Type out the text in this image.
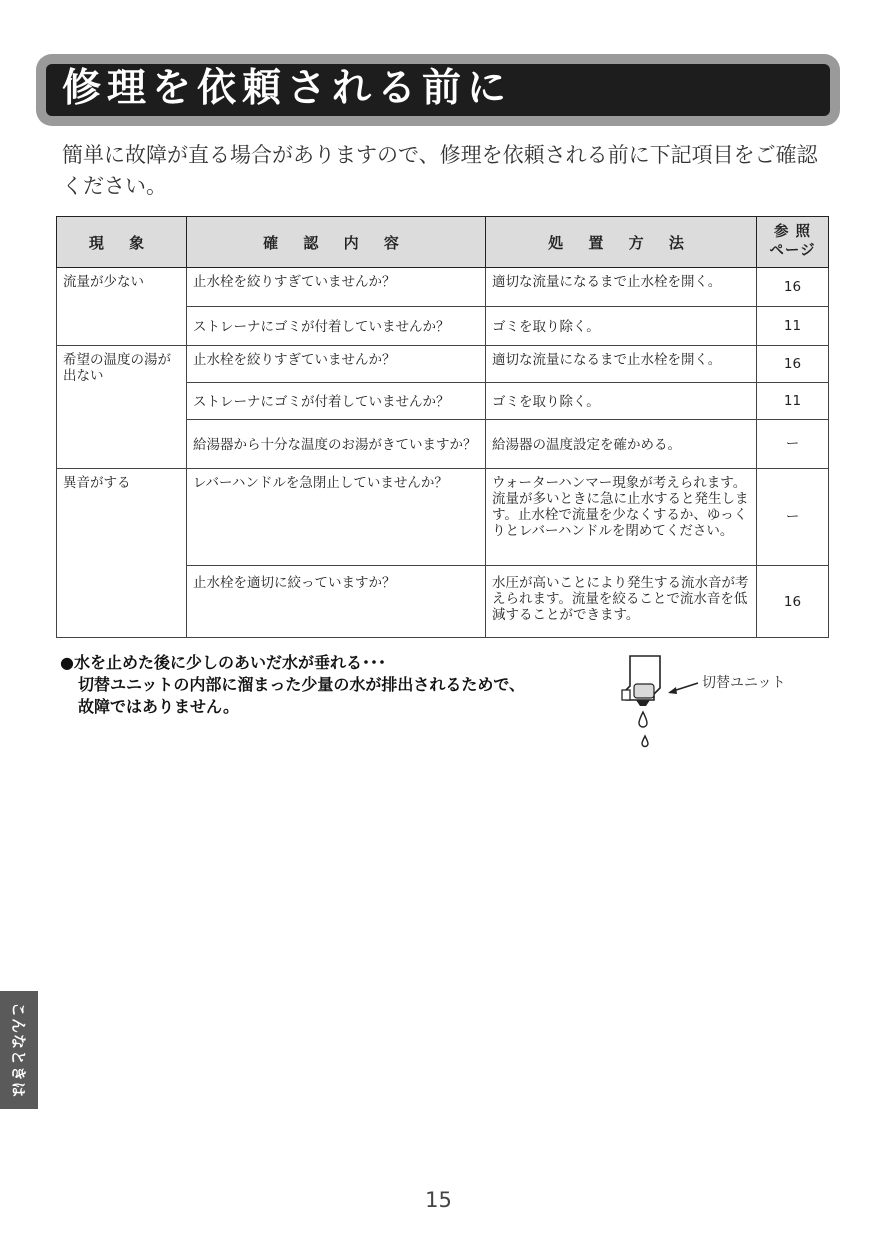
修理を依頼される前に
簡単に故障が直る場合がありますので、修理を依頼される前に下記項目をご確認ください。
現 象	確 認 内 容	処 置 方 法	参 照
ページ

流量が少ない	止水栓を絞りすぎていませんか？	適切な流量になるまで止水栓を開く。	16
	ストレーナにゴミが付着していませんか？	ゴミを取り除く。	11
希望の温度の湯が出ない	止水栓を絞りすぎていませんか？	適切な流量になるまで止水栓を開く。	16
	ストレーナにゴミが付着していませんか？	ゴミを取り除く。	11
	給湯器から十分な温度のお湯がきていますか？	給湯器の温度設定を確かめる。	ー
異音がする	レバーハンドルを急閉止していませんか？	ウォーターハンマー現象が考えられます。流量が多いときに急に止水すると発生します。止水栓で流量を少なくするか、ゆっくりとレバーハンドルを閉めてください。	ー
	止水栓を適切に絞っていますか？	水圧が高いことにより発生する流水音が考えられます。流量を絞ることで流水音を低減することができます。	16
●水を止めた後に少しのあいだ水が垂れる･･･
切替ユニットの内部に溜まった少量の水が排出されるためで、
故障ではありません。
切替ユニット
こんなときは
15
